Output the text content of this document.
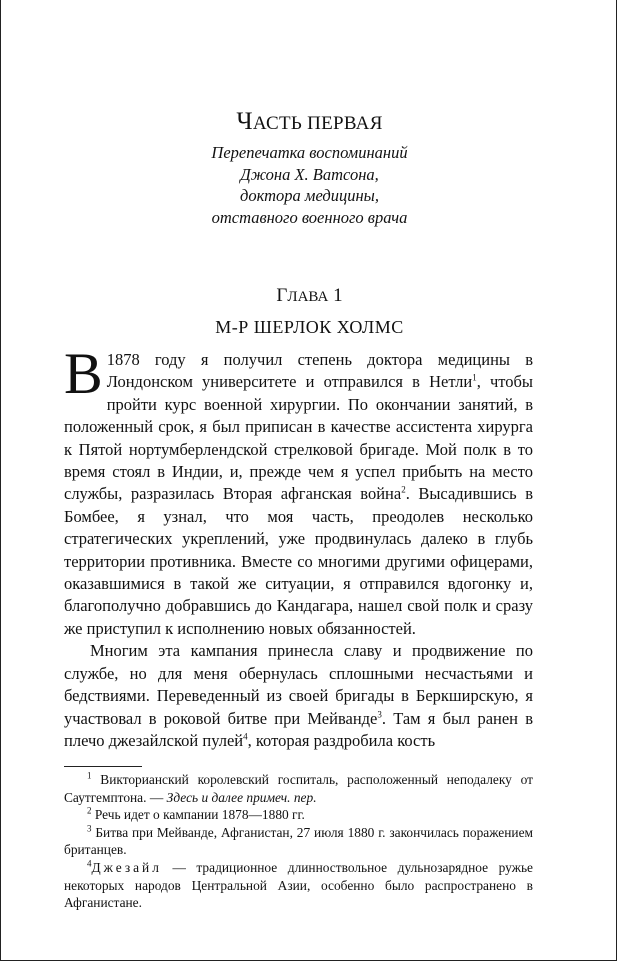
ЧАСТЬ ПЕРВАЯ
Перепечатка воспоминаний
Джона Х. Ватсона,
доктора медицины,
отставного военного врача
ГЛАВА 1
М-Р ШЕРЛОК ХОЛМС

В 1878 году я получил степень доктора медицины в Лондонском университете и отправился в Нетли$^1$, чтобы пройти курс военной хирургии. По окончании занятий, в положенный срок, я был приписан в качестве ассистента хирурга к Пятой нортумберлендской стрелковой бригаде. Мой полк в то время стоял в Индии, и, прежде чем я успел прибыть на место службы, разразилась Вторая афганская война$^2$. Высадившись в Бомбее, я узнал, что моя часть, преодолев несколько стратегических укреплений, уже продвинулась далеко в глубь территории противника. Вместе со многими другими офицерами, оказавшимися в такой же ситуации, я отправился вдогонку и, благополучно добравшись до Кандагара, нашел свой полк и сразу же приступил к исполнению новых обязанностей.

Многим эта кампания принесла славу и продвижение по службе, но для меня обернулась сплошными несчастьями и бедствиями. Переведенный из своей бригады в Беркширскую, я участвовал в роковой битве при Мейванде$^3$. Там я был ранен в плечо джезайлской пулей$^4$, которая раздробила кость

$^1$ Викторианский королевский госпиталь, расположенный неподалеку от Саутгемптона. — Здесь и далее примеч. пер.

$^2$ Речь идет о кампании 1878—1880 гг.

$^3$ Битва при Мейванде, Афганистан, 27 июля 1880 г. закончилась поражением британцев.

$^4$Джезайл — традиционное длинноствольное дульнозарядное ружье некоторых народов Центральной Азии, особенно было распространено в Афганистане.
